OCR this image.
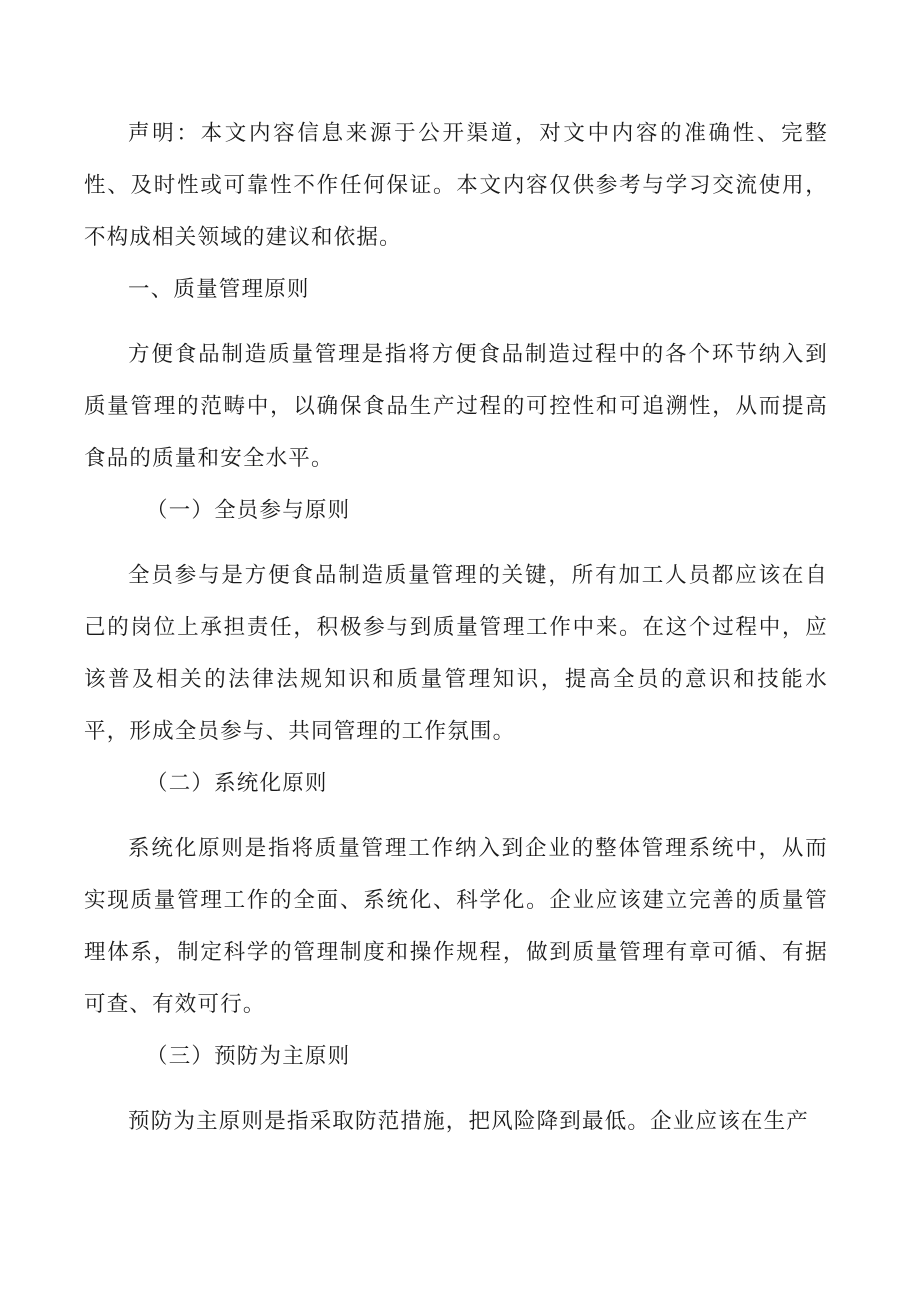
声明：本文内容信息来源于公开渠道，对文中内容的准确性、完整性、及时性或可靠性不作任何保证。本文内容仅供参考与学习交流使用，不构成相关领域的建议和依据。

一、质量管理原则

方便食品制造质量管理是指将方便食品制造过程中的各个环节纳入到质量管理的范畴中，以确保食品生产过程的可控性和可追溯性，从而提高食品的质量和安全水平。

（一）全员参与原则

全员参与是方便食品制造质量管理的关键，所有加工人员都应该在自己的岗位上承担责任，积极参与到质量管理工作中来。在这个过程中，应该普及相关的法律法规知识和质量管理知识，提高全员的意识和技能水平，形成全员参与、共同管理的工作氛围。

（二）系统化原则

系统化原则是指将质量管理工作纳入到企业的整体管理系统中，从而实现质量管理工作的全面、系统化、科学化。企业应该建立完善的质量管理体系，制定科学的管理制度和操作规程，做到质量管理有章可循、有据可查、有效可行。

（三）预防为主原则

预防为主原则是指采取防范措施，把风险降到最低。企业应该在生产
